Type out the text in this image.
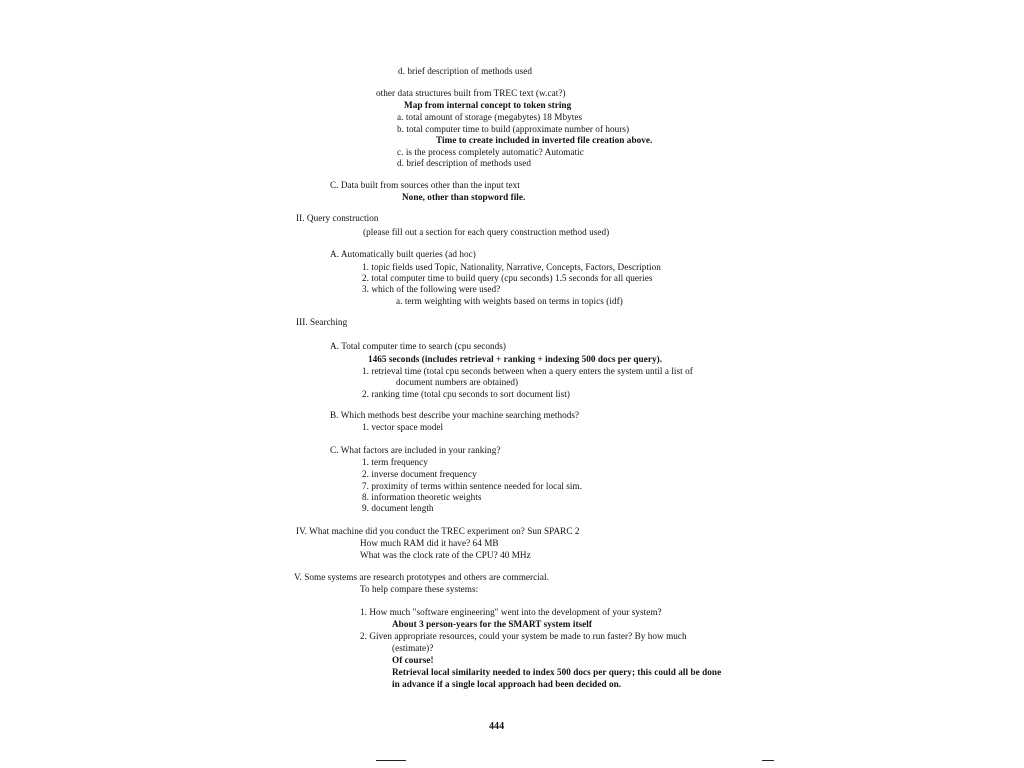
d. brief description of methods used
other data structures built from TREC text (w.cat?)
Map from internal concept to token string
a. total amount of storage (megabytes) 18 Mbytes
b. total computer time to build (approximate number of hours)
Time to create included in inverted file creation above.
c. is the process completely automatic? Automatic
d. brief description of methods used
C. Data built from sources other than the input text
None, other than stopword file.
II. Query construction
(please fill out a section for each query construction method used)
A. Automatically built queries (ad hoc)
1. topic fields used Topic, Nationality, Narrative, Concepts, Factors, Description
2. total computer time to build query (cpu seconds) 1.5 seconds for all queries
3. which of the following were used?
a. term weighting with weights based on terms in topics (idf)
III. Searching
A. Total computer time to search (cpu seconds)
1465 seconds (includes retrieval + ranking + indexing 500 docs per query).
1. retrieval time (total cpu seconds between when a query enters the system until a list of
document numbers are obtained)
2. ranking time (total cpu seconds to sort document list)
B. Which methods best describe your machine searching methods?
1. vector space model
C. What factors are included in your ranking?
1. term frequency
2. inverse document frequency
7. proximity of terms within sentence needed for local sim.
8. information theoretic weights
9. document length
IV. What machine did you conduct the TREC experiment on? Sun SPARC 2
How much RAM did it have? 64 MB
What was the clock rate of the CPU? 40 MHz
V. Some systems are research prototypes and others are commercial.
To help compare these systems:
1. How much "software engineering" went into the development of your system?
About 3 person-years for the SMART system itself
2. Given appropriate resources, could your system be made to run faster? By how much
(estimate)?
Of course!
Retrieval local similarity needed to index 500 docs per query; this could all be done
in advance if a single local approach had been decided on.
444
